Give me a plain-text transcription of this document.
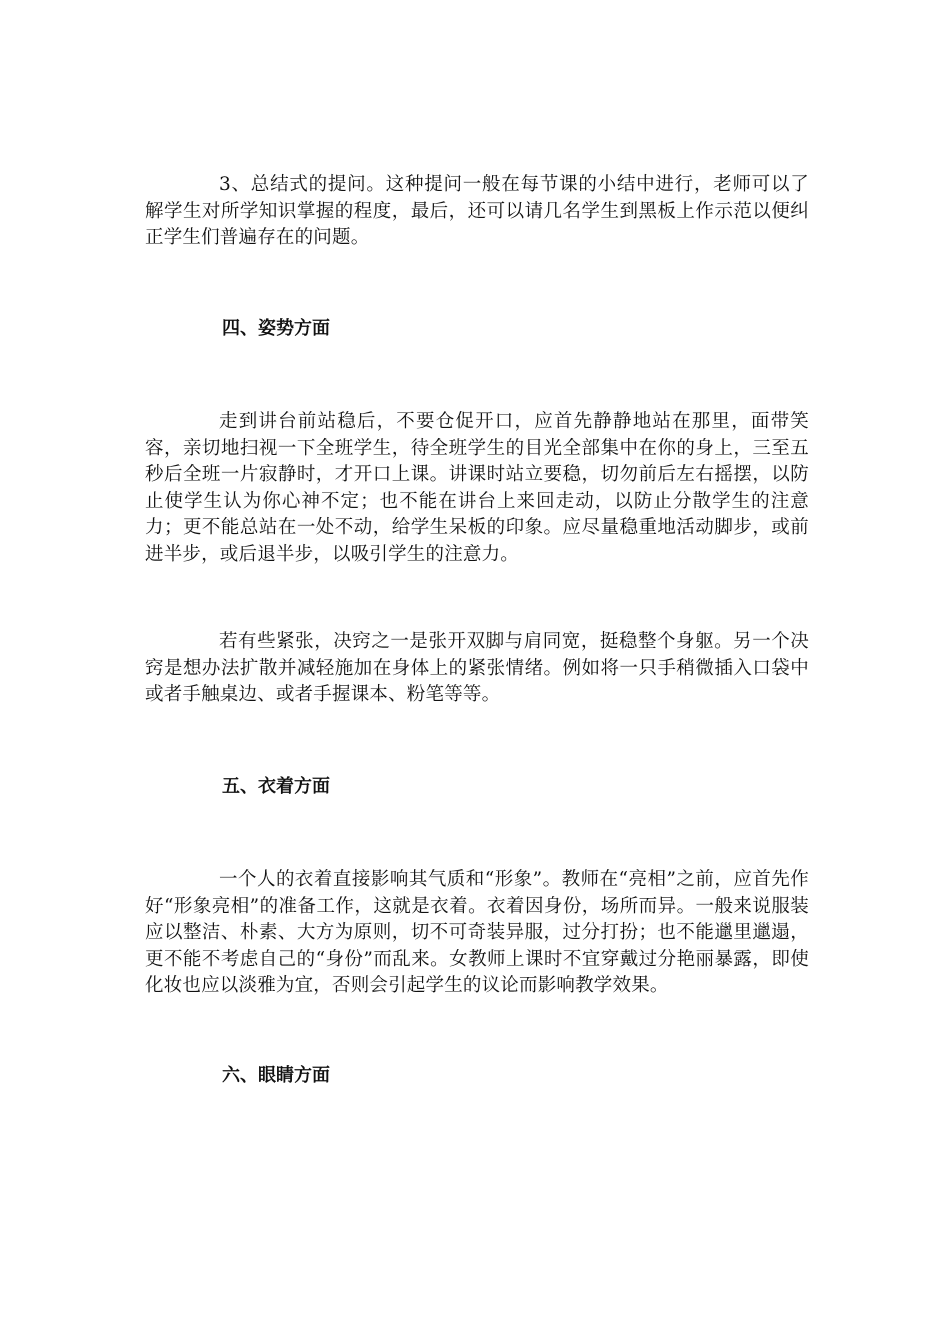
3、总结式的提问。这种提问一般在每节课的小结中进行，老师可以了解学生对所学知识掌握的程度，最后，还可以请几名学生到黑板上作示范以便纠正学生们普遍存在的问题。

四、姿势方面

走到讲台前站稳后，不要仓促开口，应首先静静地站在那里，面带笑容，亲切地扫视一下全班学生，待全班学生的目光全部集中在你的身上，三至五秒后全班一片寂静时，才开口上课。讲课时站立要稳，切勿前后左右摇摆，以防止使学生认为你心神不定；也不能在讲台上来回走动，以防止分散学生的注意力；更不能总站在一处不动，给学生呆板的印象。应尽量稳重地活动脚步，或前进半步，或后退半步，以吸引学生的注意力。

若有些紧张，决窍之一是张开双脚与肩同宽，挺稳整个身躯。另一个决窍是想办法扩散并减轻施加在身体上的紧张情绪。例如将一只手稍微插入口袋中或者手触桌边、或者手握课本、粉笔等等。

五、衣着方面

一个人的衣着直接影响其气质和“形象”。教师在“亮相”之前，应首先作好“形象亮相”的准备工作，这就是衣着。衣着因身份，场所而异。一般来说服装应以整洁、朴素、大方为原则，切不可奇装异服，过分打扮；也不能邋里邋遢，更不能不考虑自己的“身份”而乱来。女教师上课时不宜穿戴过分艳丽暴露，即使化妆也应以淡雅为宜，否则会引起学生的议论而影响教学效果。

六、眼睛方面
